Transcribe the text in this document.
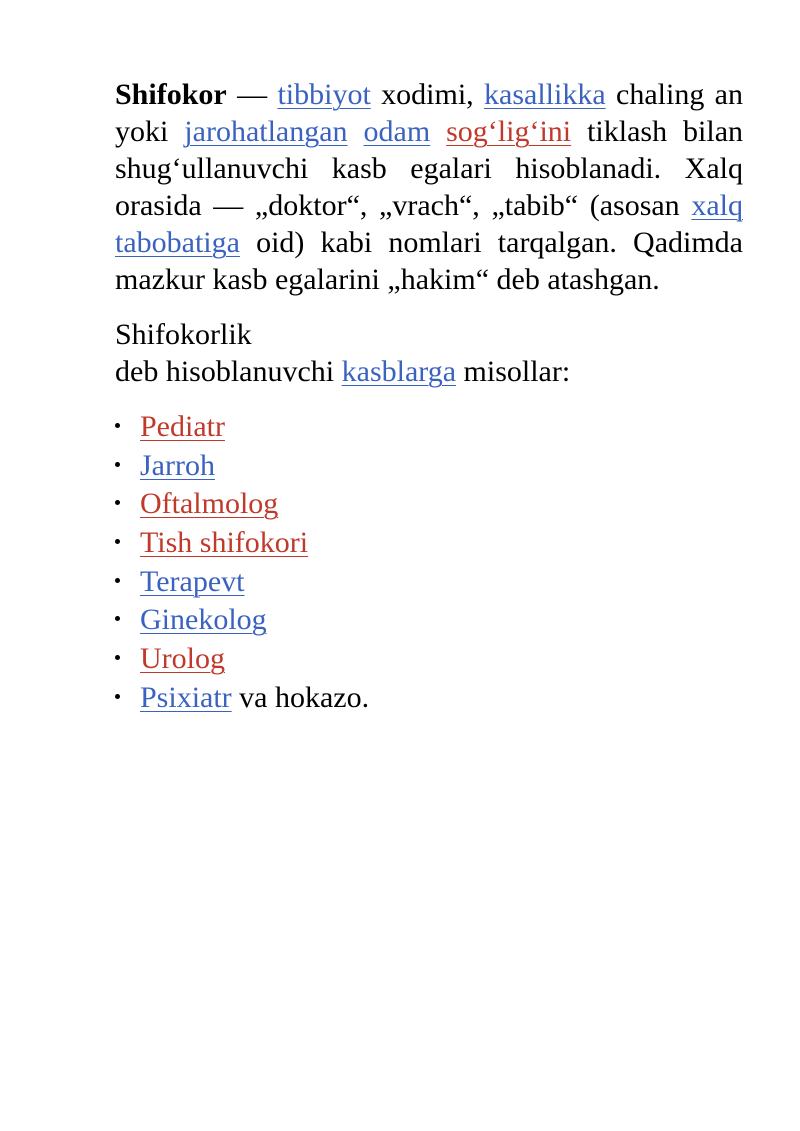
Shifokor — tibbiyot xodimi, kasallikka chaling an yoki jarohatlangan odam sog‘lig‘ini tiklash bilan shug‘ullanuvchi kasb egalari hisoblanadi. Xalq orasida — „doktor“, „vrach“, „tabib“ (asosan xalq tabobatiga oid) kabi nomlari tarqalgan. Qadimda mazkur kasb egalarini „hakim“ deb atashgan.

Shifokorlik
deb hisoblanuvchi kasblarga misollar:

Pediatr
Jarroh
Oftalmolog
Tish shifokori
Terapevt
Ginekolog
Urolog
Psixiatr va hokazo.
